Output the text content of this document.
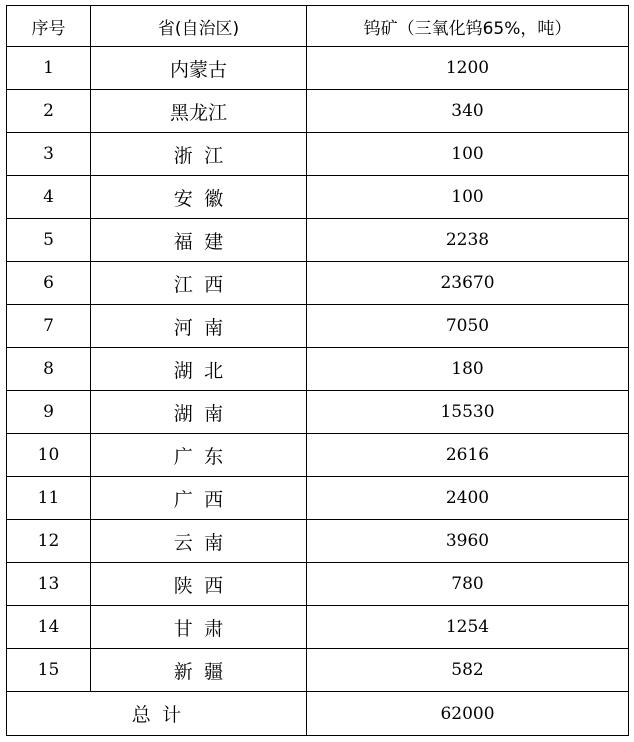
序号	省(自治区)	钨矿（三氧化钨65%，吨）
1	内蒙古	1200
2	黑龙江	340
3	浙江	100
4	安徽	100
5	福建	2238
6	江西	23670
7	河南	7050
8	湖北	180
9	湖南	15530
10	广东	2616
11	广西	2400
12	云南	3960
13	陕西	780
14	甘肃	1254
15	新疆	582
总计		62000
